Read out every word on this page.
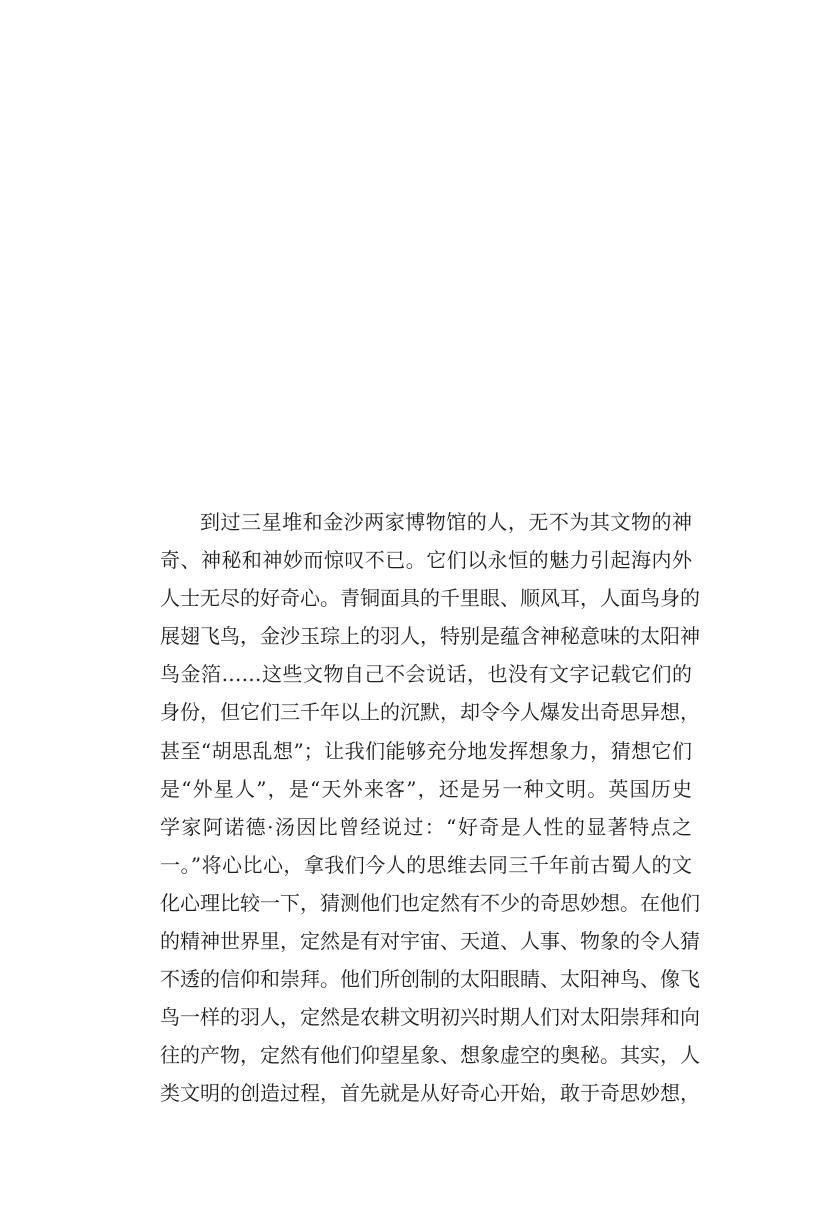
到过三星堆和金沙两家博物馆的人，无不为其文物的神
奇、神秘和神妙而惊叹不已。它们以永恒的魅力引起海内外
人士无尽的好奇心。青铜面具的千里眼、顺风耳，人面鸟身的
展翅飞鸟，金沙玉琮上的羽人，特别是蕴含神秘意味的太阳神
鸟金箔……这些文物自己不会说话，也没有文字记载它们的
身份，但它们三千年以上的沉默，却令今人爆发出奇思异想，
甚至“胡思乱想”；让我们能够充分地发挥想象力，猜想它们
是“外星人”，是“天外来客”，还是另一种文明。英国历史
学家阿诺德·汤因比曾经说过：“好奇是人性的显著特点之
一。”将心比心，拿我们今人的思维去同三千年前古蜀人的文
化心理比较一下，猜测他们也定然有不少的奇思妙想。在他们
的精神世界里，定然是有对宇宙、天道、人事、物象的令人猜
不透的信仰和崇拜。他们所创制的太阳眼睛、太阳神鸟、像飞
鸟一样的羽人，定然是农耕文明初兴时期人们对太阳崇拜和向
往的产物，定然有他们仰望星象、想象虚空的奥秘。其实，人
类文明的创造过程，首先就是从好奇心开始，敢于奇思妙想，
